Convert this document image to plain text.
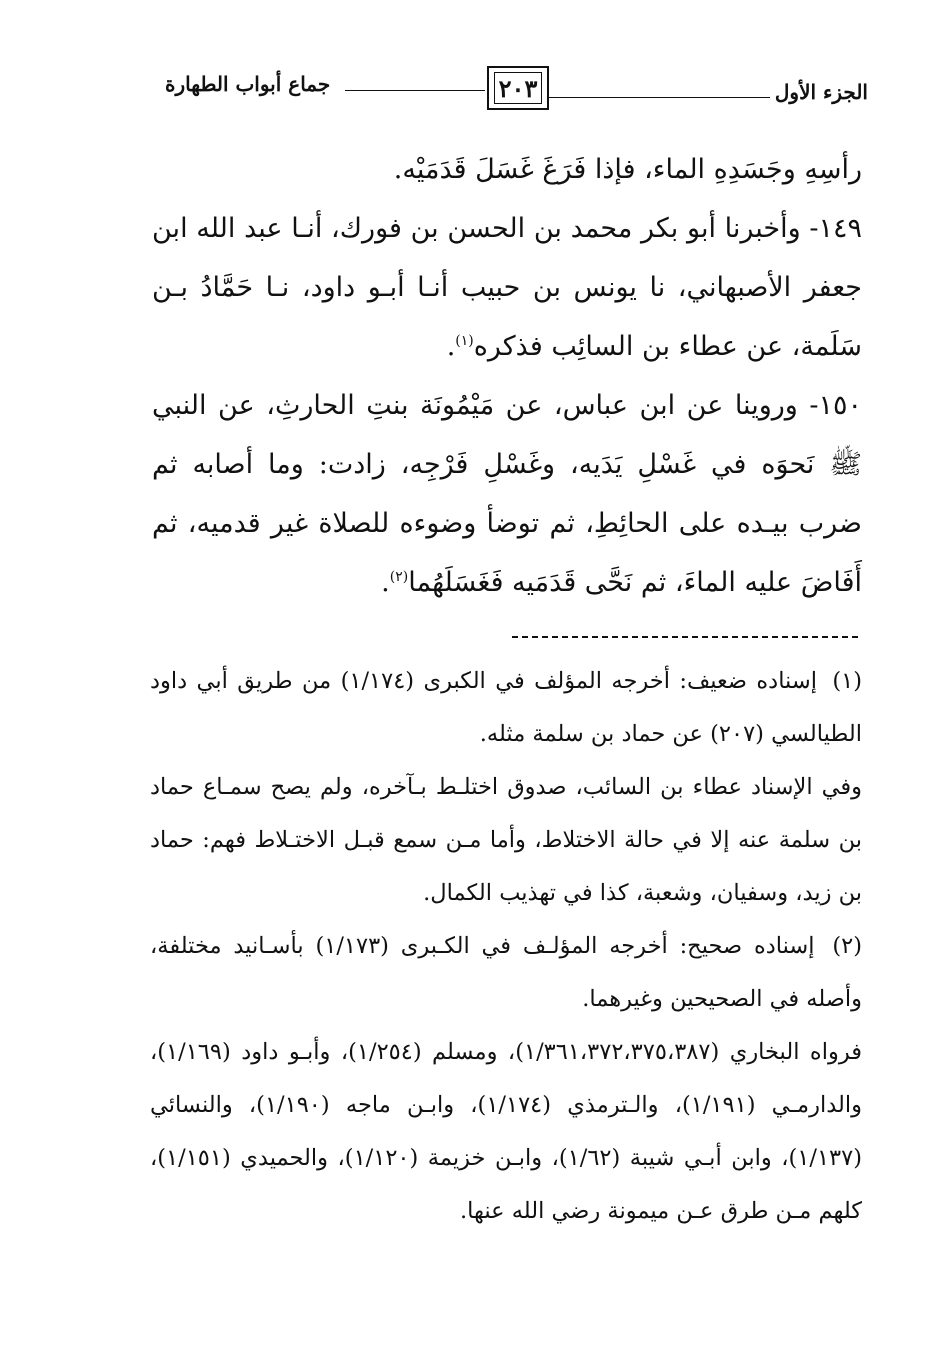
الجزء الأول
٢٠٣
جماع أبواب الطهارة
رأسِهِ وجَسَدِهِ الماء، فإذا فَرَغَ غَسَلَ قَدَمَيْه.
١٤٩- وأخبرنا أبو بكر محمد بن الحسن بن فورك، أنـا عبد الله ابن جعفر الأصبهاني، نا يونس بن حبيب أنـا أبـو داود، نـا حَمَّادُ بـن سَلَمة، عن عطاء بن السائِب فذكره$^{(١)}$.
١٥٠- وروينا عن ابن عباس، عن مَيْمُونَة بنتِ الحارثِ، عن النبي ﷺ نَحوَه في غَسْلِ يَدَيه، وغَسْلِ فَرْجِه، زادت: وما أصابه ثم ضرب بيـده على الحائِطِ، ثم توضأ وضوءه للصلاة غير قدميه، ثم أَفَاضَ عليه الماءَ، ثم نَحَّى قَدَمَيه فَغَسَلَهُما$^{(٢)}$.

(١) إسناده ضعيف: أخرجه المؤلف في الكبرى (١/١٧٤) من طريق أبي داود الطيالسي (٢٠٧) عن حماد بن سلمة مثله.

وفي الإسناد عطاء بن السائب، صدوق اختلـط بـآخره، ولم يصح سمـاع حماد بن سلمة عنه إلا في حالة الاختلاط، وأما مـن سمع قبـل الاختـلاط فهم: حماد بن زيد، وسفيان، وشعبة، كذا في تهذيب الكمال.

(٢) إسناده صحيح: أخرجه المؤلـف في الكـبرى (١/١٧٣) بأسـانيد مختلفة، وأصله في الصحيحين وغيرهما.

فرواه البخاري (١/٣٦١،٣٧٢،٣٧٥،٣٨٧)، ومسلم (١/٢٥٤)، وأبـو داود (١/١٦٩)، والدارمـي (١/١٩١)، والـترمذي (١/١٧٤)، وابـن ماجه (١/١٩٠)، والنسائي (١/١٣٧)، وابن أبـي شيبة (١/٦٢)، وابـن خزيمة (١/١٢٠)، والحميدي (١/١٥١)، كلهم مـن طرق عـن ميمونة رضي الله عنها.
